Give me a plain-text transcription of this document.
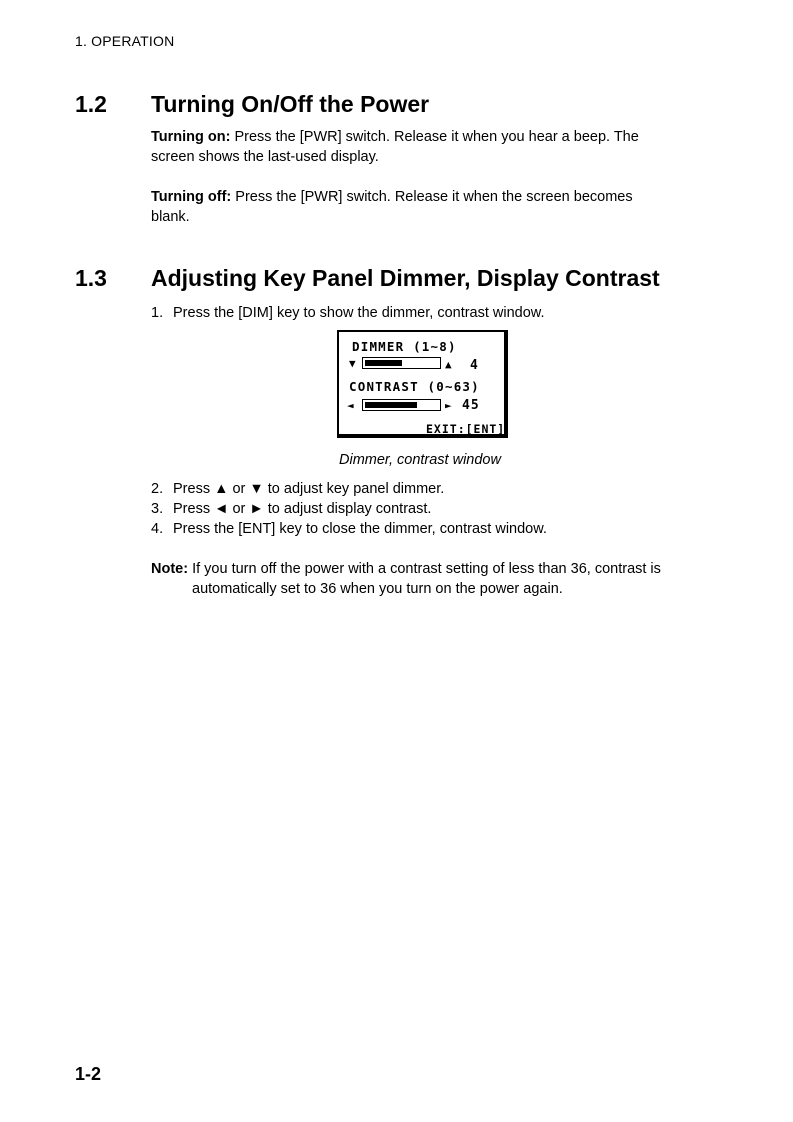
1. OPERATION
1.2 Turning On/Off the Power
Turning on: Press the [PWR] switch. Release it when you hear a beep. The
screen shows the last-used display.
Turning off: Press the [PWR] switch. Release it when the screen becomes
blank.
1.3 Adjusting Key Panel Dimmer, Display Contrast
1. Press the [DIM] key to show the dimmer, contrast window.
DIMMER (1~8)
▼	▲ 4
CONTRAST (0~63)
◄	► 45
EXIT:[ENT]
Dimmer, contrast window
2. Press ▲ or ▼ to adjust key panel dimmer.
3. Press ◄ or ► to adjust display contrast.
4. Press the [ENT] key to close the dimmer, contrast window.
Note: If you turn off the power with a contrast setting of less than 36, contrast is
automatically set to 36 when you turn on the power again.
1-2
